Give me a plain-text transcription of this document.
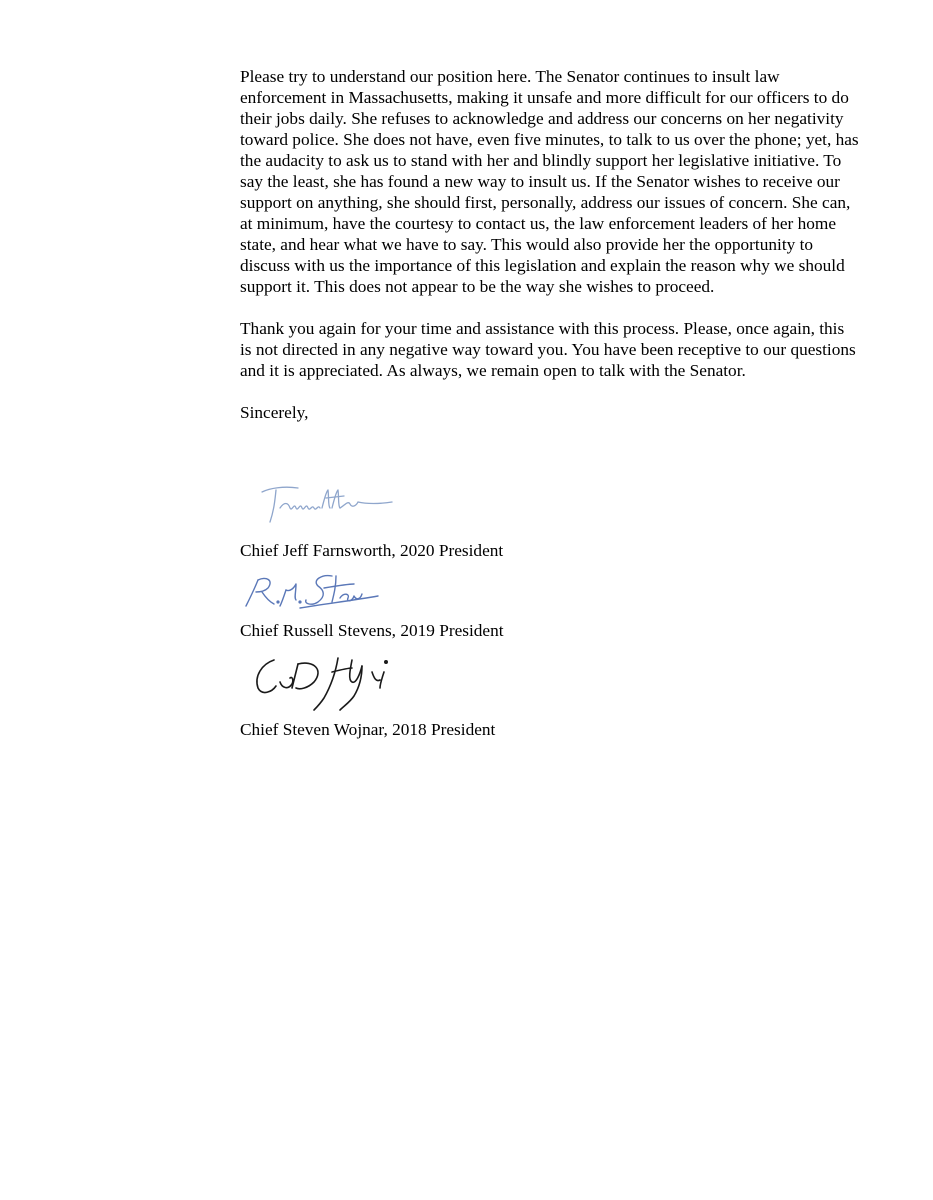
Please try to understand our position here. The Senator continues to insult law enforcement in Massachusetts, making it unsafe and more difficult for our officers to do their jobs daily. She refuses to acknowledge and address our concerns on her negativity toward police. She does not have, even five minutes, to talk to us over the phone; yet, has the audacity to ask us to stand with her and blindly support her legislative initiative. To say the least, she has found a new way to insult us. If the Senator wishes to receive our support on anything, she should first, personally, address our issues of concern. She can, at minimum, have the courtesy to contact us, the law enforcement leaders of her home state, and hear what we have to say. This would also provide her the opportunity to discuss with us the importance of this legislation and explain the reason why we should support it. This does not appear to be the way she wishes to proceed.

Thank you again for your time and assistance with this process. Please, once again, this is not directed in any negative way toward you. You have been receptive to our questions and it is appreciated. As always, we remain open to talk with the Senator.

Sincerely,

Chief Jeff Farnsworth, 2020 President

Chief Russell Stevens, 2019 President

Chief Steven Wojnar, 2018 President
